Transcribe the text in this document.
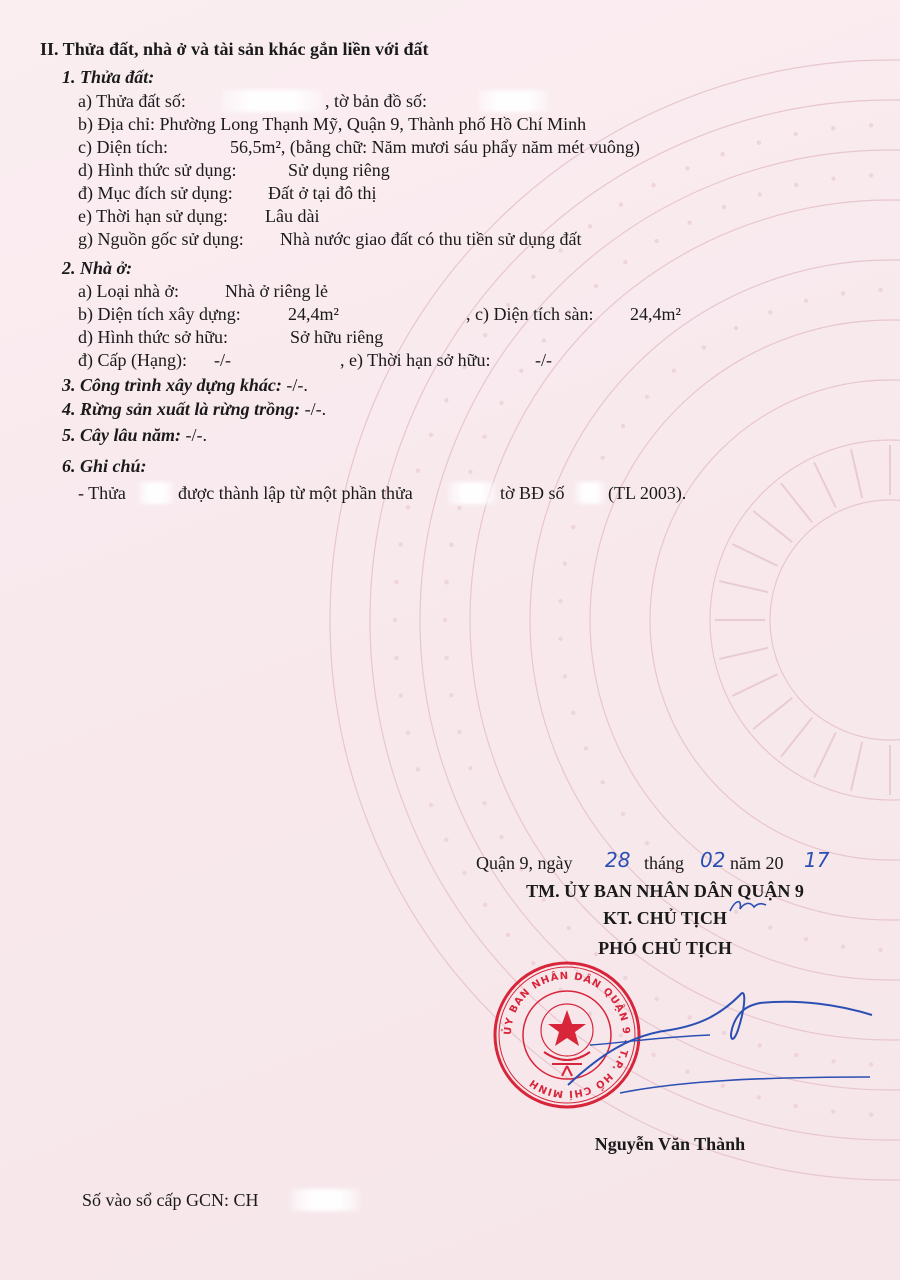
II. Thửa đất, nhà ở và tài sản khác gắn liền với đất
1. Thửa đất:
a) Thửa đất số:	, tờ bản đồ số:
b) Địa chỉ: Phường Long Thạnh Mỹ, Quận 9, Thành phố Hồ Chí Minh
c) Diện tích:	56,5m², (bằng chữ: Năm mươi sáu phẩy năm mét vuông)
d) Hình thức sử dụng:	Sử dụng riêng
đ) Mục đích sử dụng: Đất ở tại đô thị
e) Thời hạn sử dụng: Lâu dài
g) Nguồn gốc sử dụng: Nhà nước giao đất có thu tiền sử dụng đất
2. Nhà ở:
a) Loại nhà ở:	Nhà ở riêng lẻ
b) Diện tích xây dựng:	24,4m²	, c) Diện tích sàn: 24,4m²
d) Hình thức sở hữu:	Sở hữu riêng
đ) Cấp (Hạng): -/-	, e) Thời hạn sở hữu: -/-
3. Công trình xây dựng khác: -/-.
4. Rừng sản xuất là rừng trồng: -/-.
5. Cây lâu năm: -/-.
6. Ghi chú:
- Thửa	được thành lập từ một phần thửa	tờ BĐ số (TL 2003).
Quận 9, ngày 28 tháng 02 năm 20 17
TM. ỦY BAN NHÂN DÂN QUẬN 9
KT. CHỦ TỊCH
PHÓ CHỦ TỊCH
ỦY BAN NHÂN DÂN QUẬN 9 - T.P. HỒ CHÍ MINH
Nguyễn Văn Thành
Số vào sổ cấp GCN: CH
